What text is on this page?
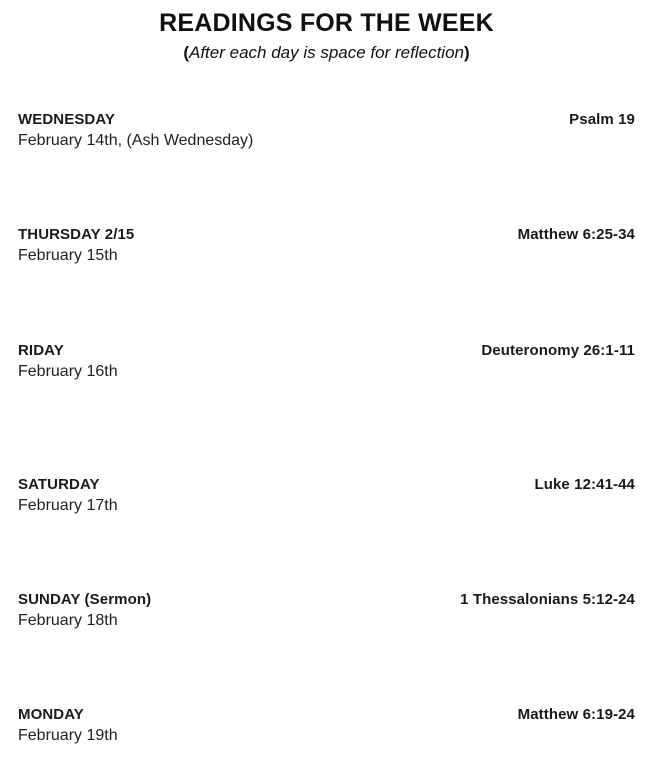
READINGS FOR THE WEEK

(After each day is space for reflection)

WEDNESDAY	Psalm 19
February 14th, (Ash Wednesday)
THURSDAY 2/15	Matthew 6:25-34
February 15th
RIDAY	Deuteronomy 26:1-11
February 16th
SATURDAY	Luke 12:41-44
February 17th
SUNDAY (Sermon)	1 Thessalonians 5:12-24
February 18th
MONDAY	Matthew 6:19-24
February 19th
